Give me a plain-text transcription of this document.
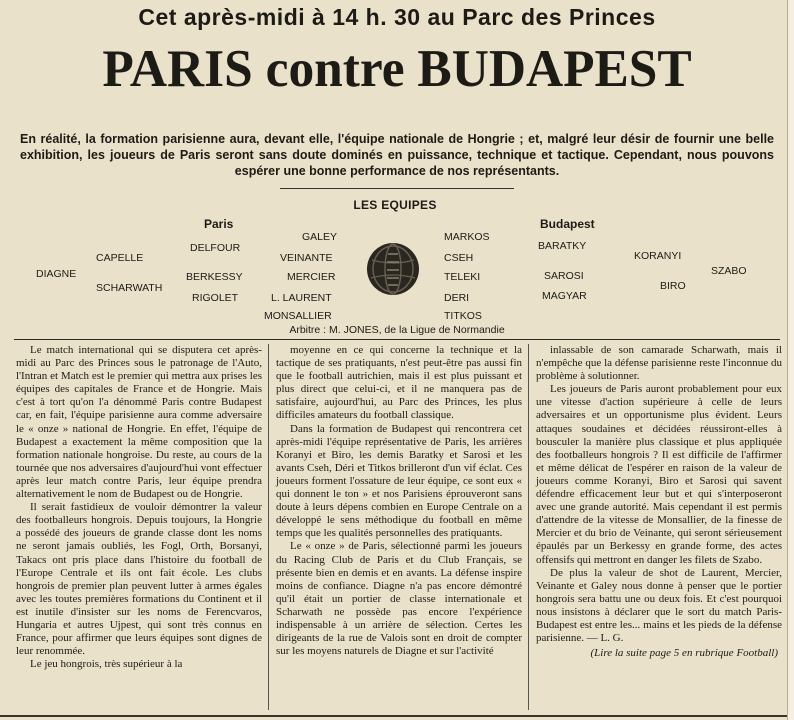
Cet après-midi à 14 h. 30 au Parc des Princes
PARIS contre BUDAPEST
En réalité, la formation parisienne aura, devant elle, l'équipe nationale de Hongrie ; et, malgré leur désir de fournir une belle exhibition, les joueurs de Paris seront sans doute dominés en puissance, technique et tactique. Cependant, nous pouvons espérer une bonne performance de nos représentants.
LES EQUIPES
Paris
DIAGNE
CAPELLE
SCHARWATH
DELFOUR
BERKESSY
RIGOLET
GALEY
VEINANTE
MERCIER
L. LAURENT
MONSALLIER
Budapest
MARKOS
CSEH
TELEKI
DERI
TITKOS
BARATKY
SAROSI
MAGYAR
KORANYI
BIRO
SZABO
Arbitre : M. JONES, de la Ligue de Normandie

Le match international qui se disputera cet après-midi au Parc des Princes sous le patronage de l'Auto, l'Intran et Match est le premier qui mettra aux prises les équipes des capitales de France et de Hongrie. Mais c'est à tort qu'on l'a dénommé Paris contre Budapest car, en fait, l'équipe parisienne aura comme adversaire le « onze » national de Hongrie. En effet, l'équipe de Budapest a exactement la même composition que la formation nationale hongroise. Du reste, au cours de la tournée que nos adversaires d'aujourd'hui vont effectuer après leur match contre Paris, leur équipe prendra alternativement le nom de Budapest ou de Hongrie.

Il serait fastidieux de vouloir démontrer la valeur des footballeurs hongrois. Depuis toujours, la Hongrie a possédé des joueurs de grande classe dont les noms ne seront jamais oubliés, les Fogl, Orth, Borsanyi, Takacs ont pris place dans l'histoire du football de l'Europe Centrale et ils ont fait école. Les clubs hongrois de premier plan peuvent lutter à armes égales avec les toutes premières formations du Continent et il est inutile d'insister sur les noms de Ferencvaros, Hungaria et autres Ujpest, qui sont très connus en France, pour affirmer que leurs équipes sont dignes de leur renommée.

Le jeu hongrois, très supérieur à la

moyenne en ce qui concerne la technique et la tactique de ses pratiquants, n'est peut-être pas aussi fin que le football autrichien, mais il est plus puissant et plus direct que celui-ci, et il ne manquera pas de satisfaire, aujourd'hui, au Parc des Princes, les plus difficiles amateurs du football classique.

Dans la formation de Budapest qui rencontrera cet après-midi l'équipe représentative de Paris, les arrières Koranyi et Biro, les demis Baratky et Sarosi et les avants Cseh, Déri et Titkos brilleront d'un vif éclat. Ces joueurs forment l'ossature de leur équipe, ce sont eux « qui donnent le ton » et nos Parisiens éprouveront sans doute à leurs dépens combien en Europe Centrale on a développé le sens méthodique du football en même temps que les qualités personnelles des pratiquants.

Le « onze » de Paris, sélectionné parmi les joueurs du Racing Club de Paris et du Club Français, se présente bien en demis et en avants. La défense inspire moins de confiance. Diagne n'a pas encore démontré qu'il était un portier de classe internationale et Scharwath ne possède pas encore l'expérience indispensable à un arrière de sélection. Certes les dirigeants de la rue de Valois sont en droit de compter sur les moyens naturels de Diagne et sur l'activité

inlassable de son camarade Scharwath, mais il n'empêche que la défense parisienne reste l'inconnue du problème à solutionner.

Les joueurs de Paris auront probablement pour eux une vitesse d'action supérieure à celle de leurs adversaires et un opportunisme plus évident. Leurs attaques soudaines et décidées réussiront-elles à bousculer la manière plus classique et plus appliquée des footballeurs hongrois ? Il est difficile de l'affirmer et même délicat de l'espérer en raison de la valeur de joueurs comme Koranyi, Biro et Sarosi qui savent défendre efficacement leur but et qui s'interposeront avec une grande autorité. Mais cependant il est permis d'attendre de la vitesse de Monsallier, de la finesse de Mercier et du brio de Veinante, qui seront sérieusement épaulés par un Berkessy en grande forme, des actes offensifs qui mettront en danger les filets de Szabo.

De plus la valeur de shot de Laurent, Mercier, Veinante et Galey nous donne à penser que le portier hongrois sera battu une ou deux fois. Et c'est pourquoi nous insistons à déclarer que le sort du match Paris-Budapest est entre les... mains et les pieds de la défense parisienne. — L. G.

(Lire la suite page 5 en rubrique Football)
